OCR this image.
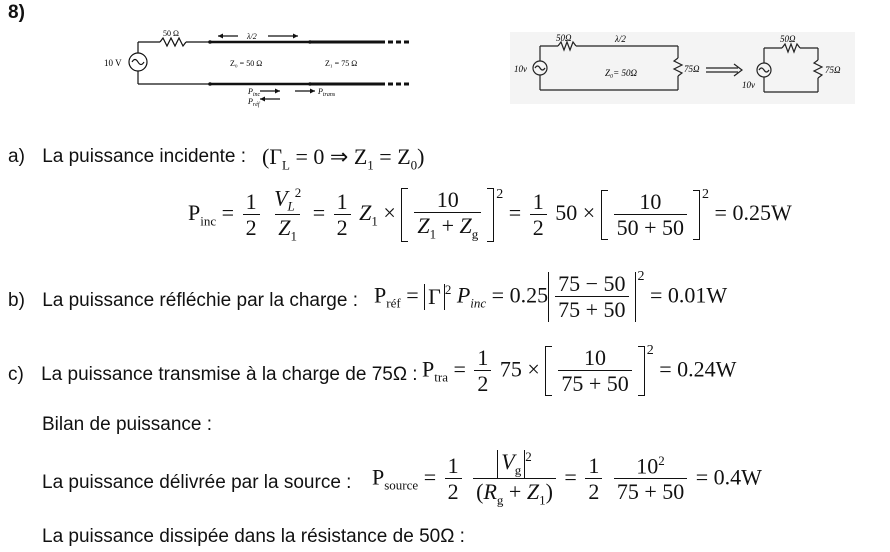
8)
10 V
50 Ω	λ/2
Z₀ = 50 Ω	Z₁ = 75 Ω
$P_{inc}$
$P_{réf}$
$P_{trans}$
50Ω	λ/2
10v	Z₀= 50Ω	75Ω
50Ω
10v
75Ω
a) La puissance incidente : ($\Gamma_L = 0$ ⇒ $Z_1 = Z_0$)
$P_{inc} = \frac{1}{2}$
$\frac{V_L^2}{Z_1} = \frac{1}{2} Z_1 \times \frac{10}{Z_1 + Z_g} ^2 = \frac{1}{2} 50 \times \frac{10}{50 + 50} ^2 = 0.25W$
b) La puissance réfléchie par la charge : $P_{réf} = \Gamma$ $^2$ $P_{inc} = 0.25 \frac{75 - 50}{75 + 50} ^2 = 0.01W$
c) La puissance transmise à la charge de 75Ω : $P_{tra} = \frac{1}{2} 75 \times \frac{10}{75 + 50} ^2 = 0.24W$
Bilan de puissance :
La puissance délivrée par la source : $P_{source} = \frac{1}{2}$
$\frac{V_g^2}{(R_g + Z_1)} = \frac{1}{2}$
$\frac{10^2}{75 + 50} = 0.4W$
La puissance dissipée dans la résistance de 50Ω :
